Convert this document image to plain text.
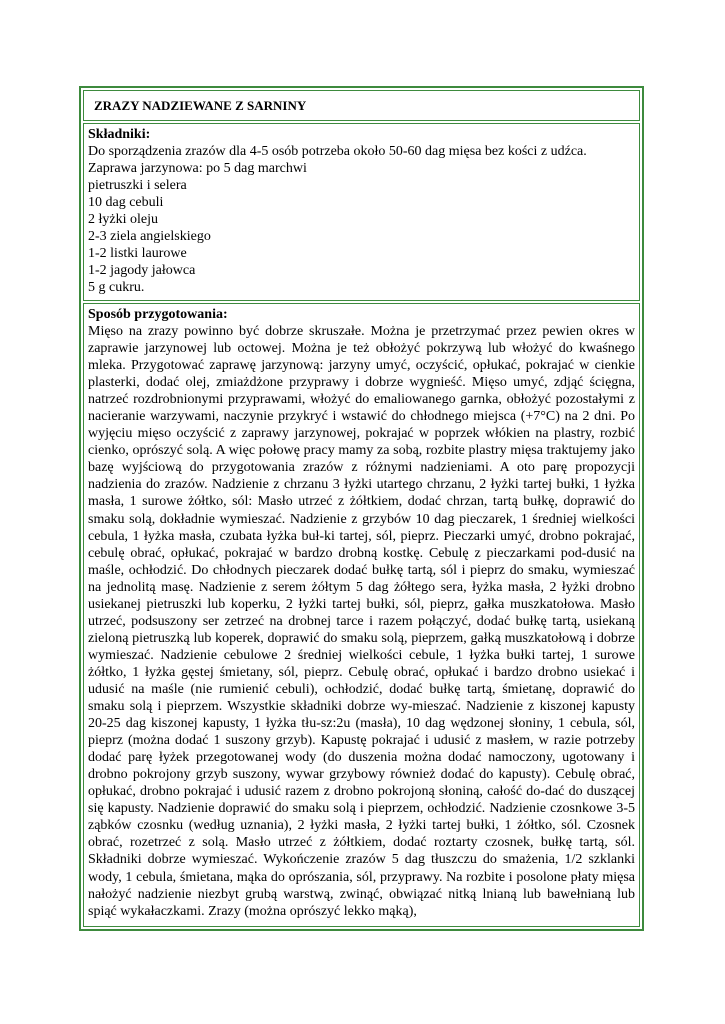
ZRAZY NADZIEWANE Z SARNINY
Składniki:
Do sporządzenia zrazów dla 4-5 osób potrzeba około 50-60 dag mięsa bez kości z udźca.
Zaprawa jarzynowa: po 5 dag marchwi
pietruszki i selera
10 dag cebuli
2 łyżki oleju
2-3 ziela angielskiego
1-2 listki laurowe
1-2 jagody jałowca
5 g cukru.
Sposób przygotowania:
Mięso na zrazy powinno być dobrze skruszałe. Można je przetrzymać przez pewien okres w zaprawie jarzynowej lub octowej. Można je też obłożyć pokrzywą lub włożyć do kwaśnego mleka. Przygotować zaprawę jarzynową: jarzyny umyć, oczyścić, opłukać, pokrajać w cienkie plasterki, dodać olej, zmiażdżone przyprawy i dobrze wygnieść. Mięso umyć, zdjąć ścięgna, natrzeć rozdrobnionymi przyprawami, włożyć do emaliowanego garnka, obłożyć pozostałymi z nacieranie warzywami, naczynie przykryć i wstawić do chłodnego miejsca (+7°C) na 2 dni. Po wyjęciu mięso oczyścić z zaprawy jarzynowej, pokrajać w poprzek włókien na plastry, rozbić cienko, oprószyć solą. A więc połowę pracy mamy za sobą, rozbite plastry mięsa traktujemy jako bazę wyjściową do przygotowania zrazów z różnymi nadzieniami. A oto parę propozycji nadzienia do zrazów. Nadzienie z chrzanu 3 łyżki utartego chrzanu, 2 łyżki tartej bułki, 1 łyżka masła, 1 surowe żółtko, sól: Masło utrzeć z żółtkiem, dodać chrzan, tartą bułkę, doprawić do smaku solą, dokładnie wymieszać. Nadzienie z grzybów 10 dag pieczarek, 1 średniej wielkości cebula, 1 łyżka masła, czubata łyżka buł-ki tartej, sól, pieprz. Pieczarki umyć, drobno pokrajać, cebulę obrać, opłukać, pokrajać w bardzo drobną kostkę. Cebulę z pieczarkami pod-dusić na maśle, ochłodzić. Do chłodnych pieczarek dodać bułkę tartą, sól i pieprz do smaku, wymieszać na jednolitą masę. Nadzienie z serem żółtym 5 dag żółtego sera, łyżka masła, 2 łyżki drobno usiekanej pietruszki lub koperku, 2 łyżki tartej bułki, sól, pieprz, gałka muszkatołowa. Masło utrzeć, podsuszony ser zetrzeć na drobnej tarce i razem połączyć, dodać bułkę tartą, usiekaną zieloną pietruszką lub koperek, doprawić do smaku solą, pieprzem, gałką muszkatołową i dobrze wymieszać. Nadzienie cebulowe 2 średniej wielkości cebule, 1 łyżka bułki tartej, 1 surowe żółtko, 1 łyżka gęstej śmietany, sól, pieprz. Cebulę obrać, opłukać i bardzo drobno usiekać i udusić na maśle (nie rumienić cebuli), ochłodzić, dodać bułkę tartą, śmietanę, doprawić do smaku solą i pieprzem. Wszystkie składniki dobrze wy-mieszać. Nadzienie z kiszonej kapusty 20-25 dag kiszonej kapusty, 1 łyżka tłu-sz:2u (masła), 10 dag wędzonej słoniny, 1 cebula, sól, pieprz (można dodać 1 suszony grzyb). Kapustę pokrajać i udusić z masłem, w razie potrzeby dodać parę łyżek przegotowanej wody (do duszenia można dodać namoczony, ugotowany i drobno pokrojony grzyb suszony, wywar grzybowy również dodać do kapusty). Cebulę obrać, opłukać, drobno pokrajać i udusić razem z drobno pokrojoną słoniną, całość do-dać do duszącej się kapusty. Nadzienie doprawić do smaku solą i pieprzem, ochłodzić. Nadzienie czosnkowe 3-5 ząbków czosnku (według uznania), 2 łyżki masła, 2 łyżki tartej bułki, 1 żółtko, sól. Czosnek obrać, rozetrzeć z solą. Masło utrzeć z żółtkiem, dodać roztarty czosnek, bułkę tartą, sól. Składniki dobrze wymieszać. Wykończenie zrazów 5 dag tłuszczu do smażenia, 1/2 szklanki wody, 1 cebula, śmietana, mąka do oprószania, sól, przyprawy. Na rozbite i posolone płaty mięsa nałożyć nadzienie niezbyt grubą warstwą, zwinąć, obwiązać nitką lnianą lub bawełnianą lub spiąć wykałaczkami. Zrazy (można oprószyć lekko mąką),
